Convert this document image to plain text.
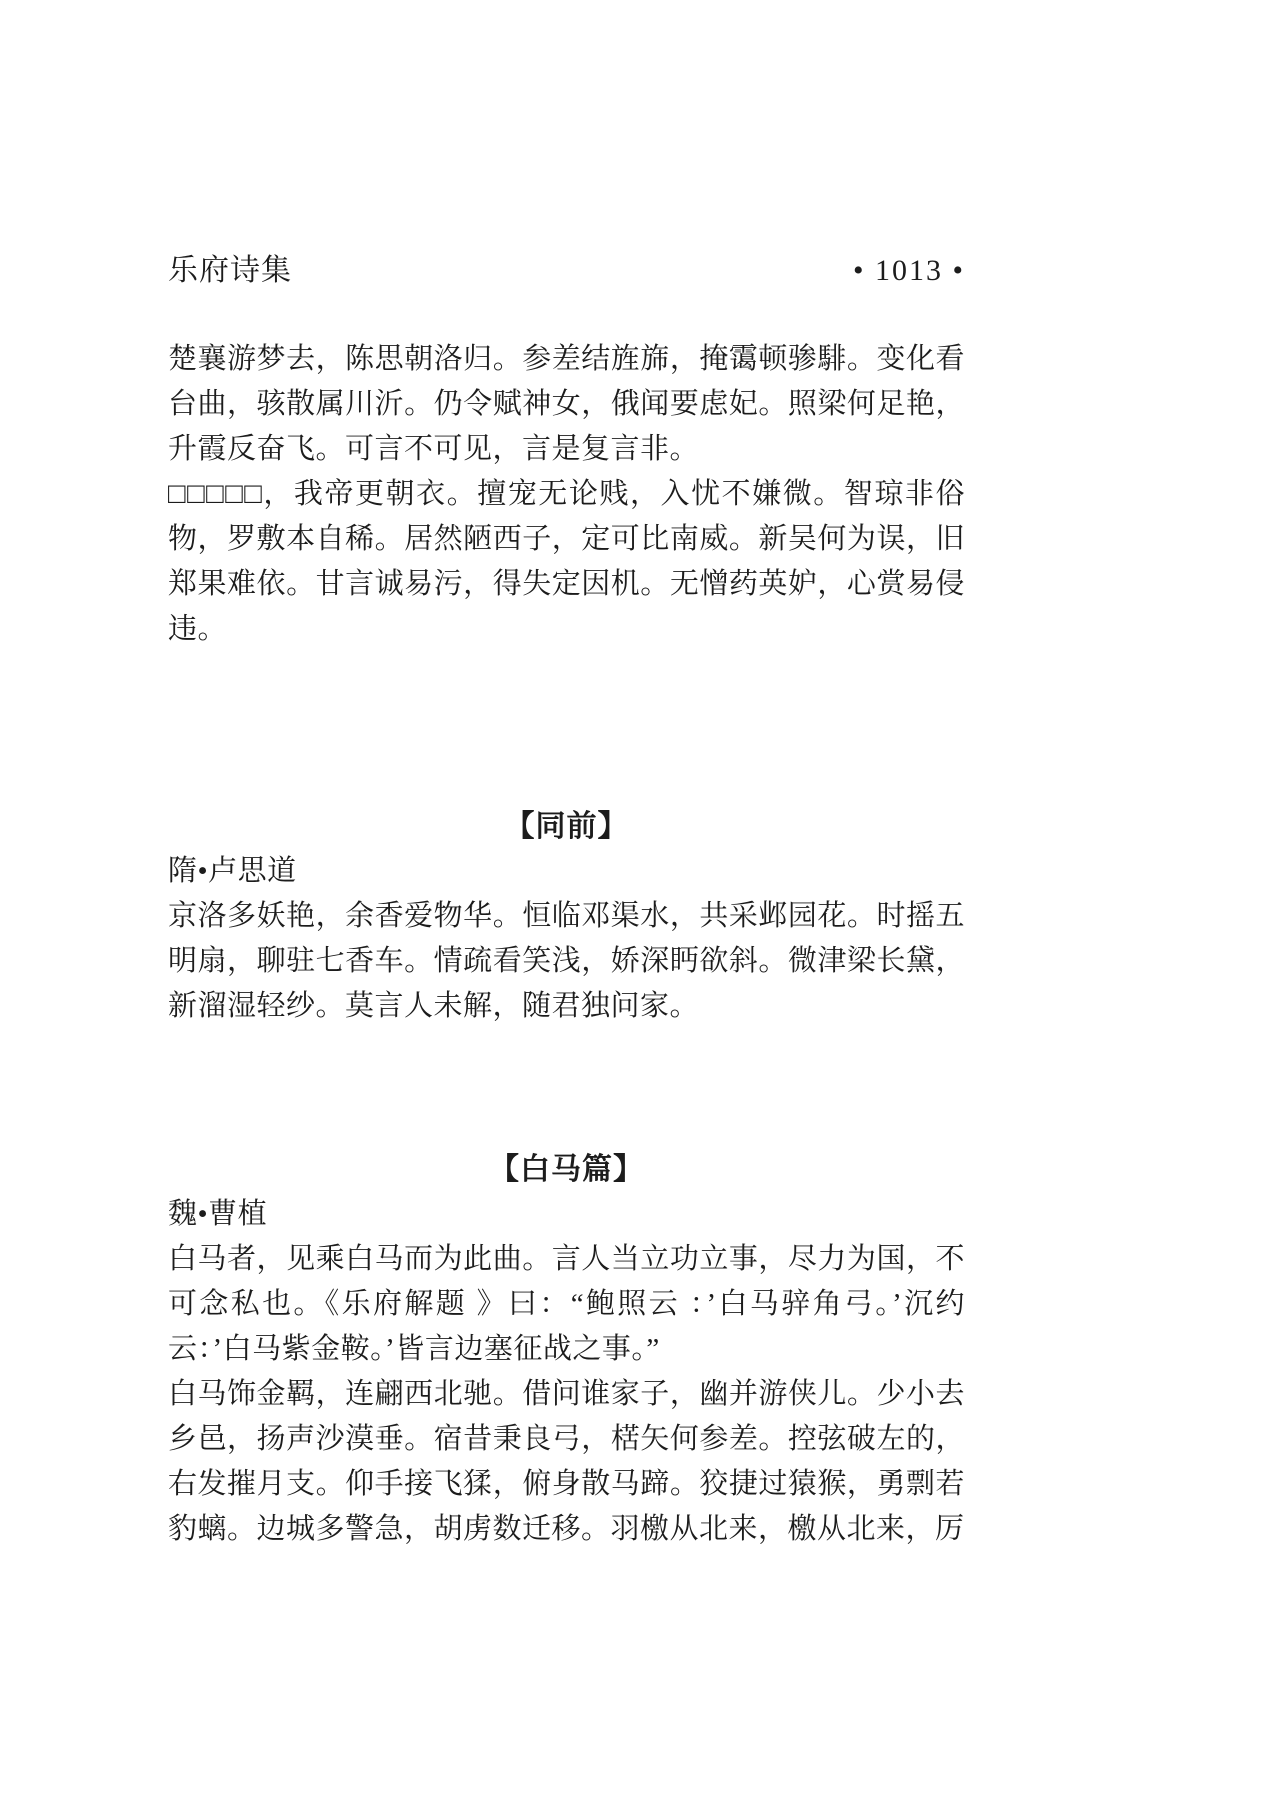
乐府诗集	• 1013 •

楚襄游梦去，陈思朝洛归。参差结旌旆，掩霭顿骖騑。变化看台曲，骇散属川沂。仍令赋神女，俄闻要虑妃。照梁何足艳，升霞反奋飞。可言不可见，言是复言非。

□□□□□，我帝更朝衣。擅宠无论贱，入忧不嫌微。智琼非俗物，罗敷本自稀。居然陋西子，定可比南威。新吴何为误，旧郑果难依。甘言诚易污，得失定因机。无憎药英妒，心赏易侵违。

【同前】

隋•卢思道

京洛多妖艳，余香爱物华。恒临邓渠水，共采邺园花。时摇五明扇，聊驻七香车。情疏看笑浅，娇深眄欲斜。微津梁长黛，新溜湿轻纱。莫言人未解，随君独问家。

【白马篇】

魏•曹植

白马者，见乘白马而为此曲。言人当立功立事，尽力为国，不可念私也。《乐府解题 》曰：“鲍照云 ：’白马骍角弓。’沉约云：’白马紫金鞍。’皆言边塞征战之事。”

白马饰金羁，连翩西北驰。借问谁家子，幽并游侠儿。少小去乡邑，扬声沙漠垂。宿昔秉良弓，楛矢何参差。控弦破左的，右发摧月支。仰手接飞猱，俯身散马蹄。狡捷过猿猴，勇剽若豹螭。边城多警急，胡虏数迁移。羽檄从北来，檄从北来，厉
